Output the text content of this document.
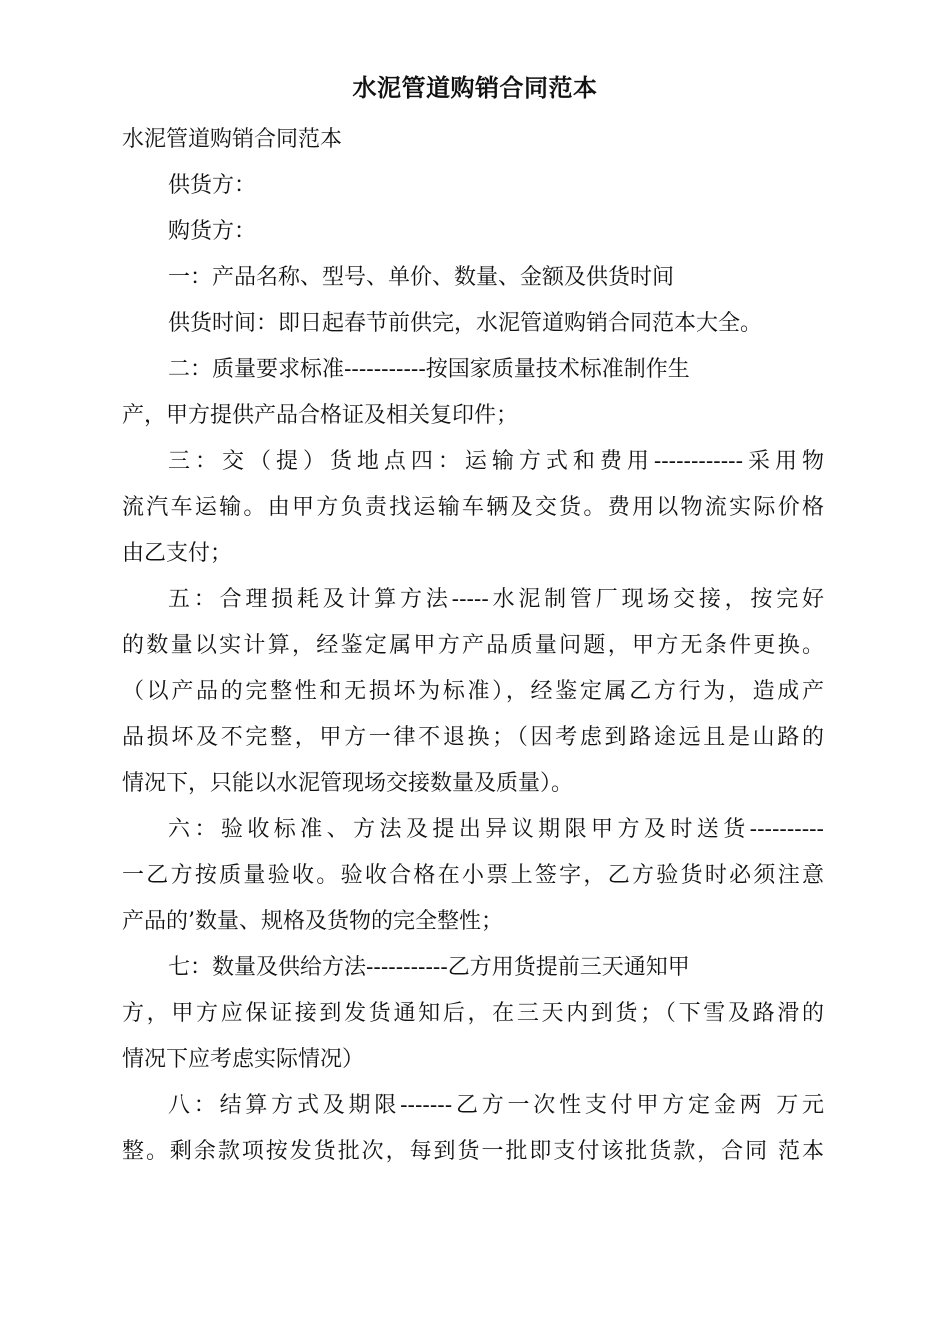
水泥管道购销合同范本

水泥管道购销合同范本

供货方：

购货方：

一：产品名称、型号、单价、数量、金额及供货时间

供货时间：即日起春节前供完，水泥管道购销合同范本大全。

二：质量要求标准-----------按国家质量技术标准制作生

产，甲方提供产品合格证及相关复印件；

三：交（提）货地点四：运输方式和费用------------采用物

流汽车运输。由甲方负责找运输车辆及交货。费用以物流实际价格

由乙支付；

五：合理损耗及计算方法-----水泥制管厂现场交接，按完好

的数量以实计算，经鉴定属甲方产品质量问题，甲方无条件更换。

（以产品的完整性和无损坏为标准），经鉴定属乙方行为，造成产

品损坏及不完整，甲方一律不退换；（因考虑到路途远且是山路的

情况下，只能以水泥管现场交接数量及质量）。

六：验收标准、方法及提出异议期限甲方及时送货----------

一乙方按质量验收。验收合格在小票上签字，乙方验货时必须注意

产品的’数量、规格及货物的完全整性；

七：数量及供给方法-----------乙方用货提前三天通知甲

方，甲方应保证接到发货通知后，在三天内到货；（下雪及路滑的

情况下应考虑实际情况）

八：结算方式及期限-------乙方一次性支付甲方定金两 万元

整。剩余款项按发货批次，每到货一批即支付该批货款，合同 范本
